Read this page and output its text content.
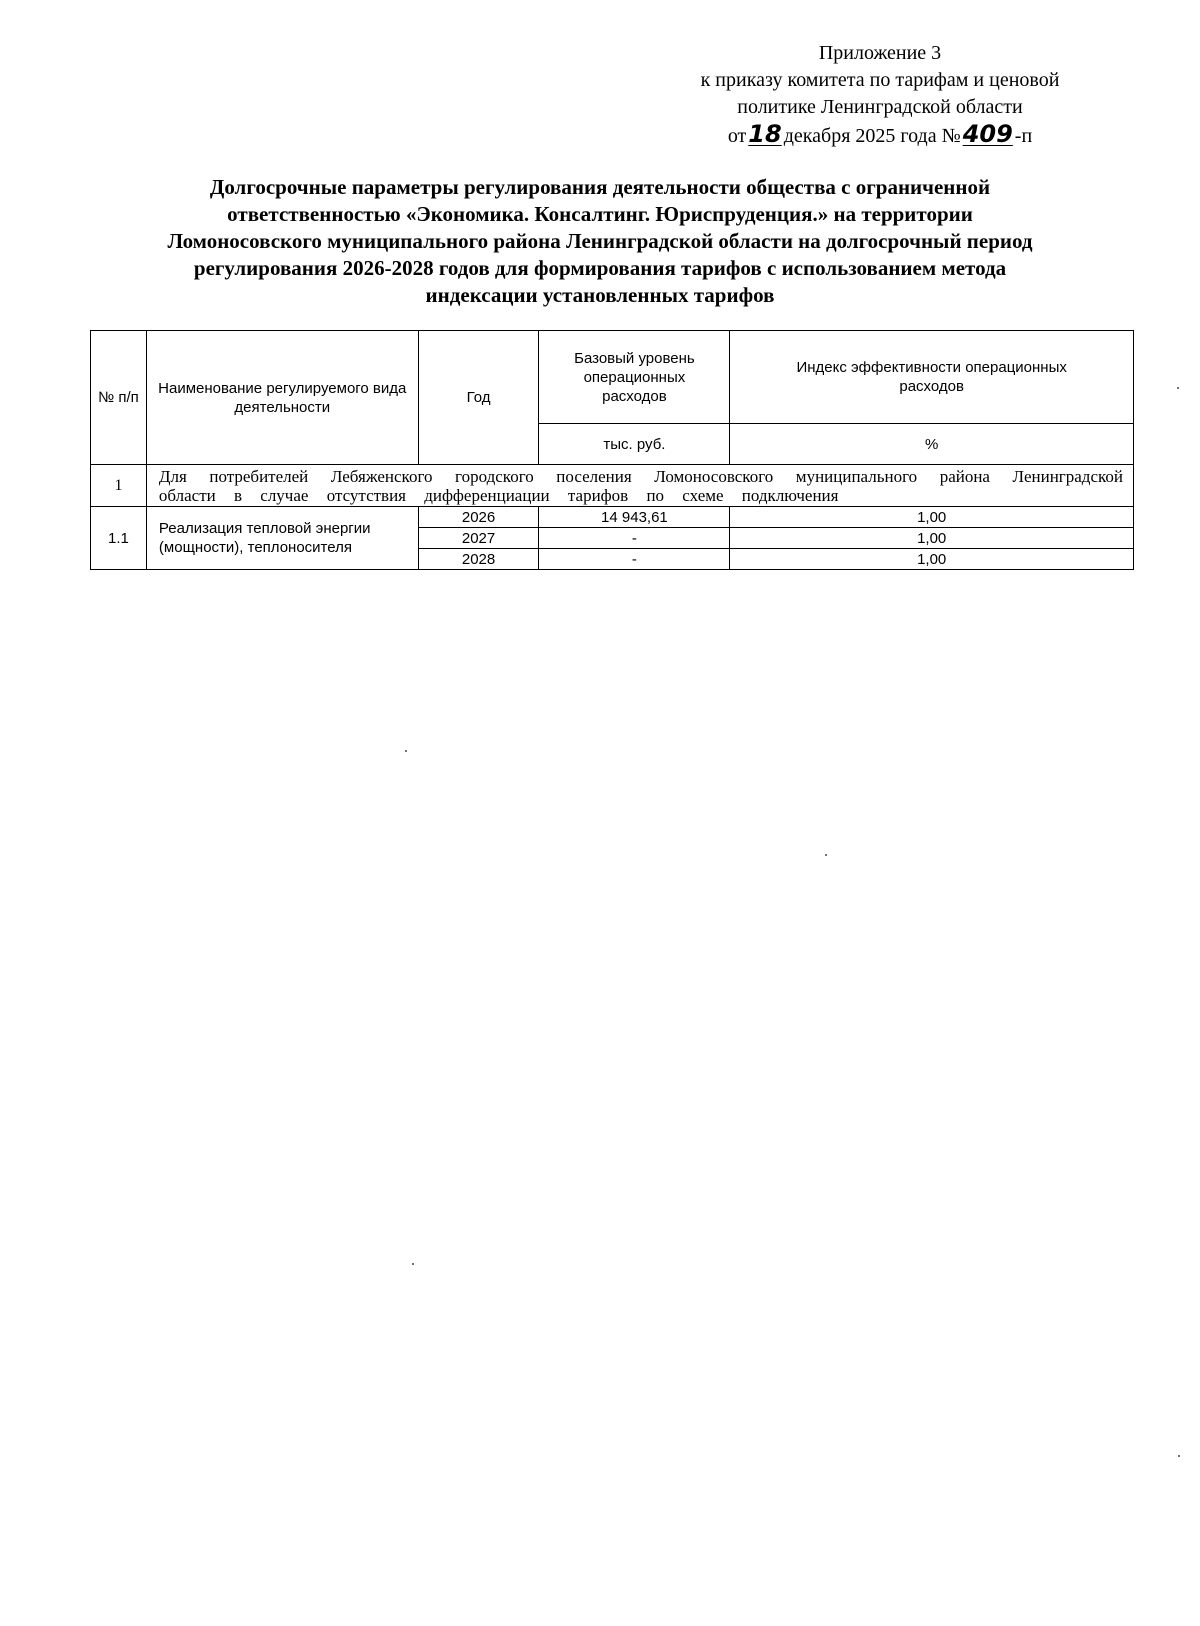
Приложение 3
к приказу комитета по тарифам и ценовой
политике Ленинградской области
от18 декабря 2025 года №409 -п
Долгосрочные параметры регулирования деятельности общества с ограниченной
ответственностью «Экономика. Консалтинг. Юриспруденция.» на территории
Ломоносовского муниципального района Ленинградской области на долгосрочный период
регулирования 2026-2028 годов для формирования тарифов с использованием метода
индексации установленных тарифов
№ п/п	Наименование регулируемого вида деятельности	Год	Базовый уровень операционных расходов	Индекс эффективности операционных расходов
			тыс. руб.	%
1	Для потребителей Лебяженского городского поселения Ломоносовского муниципального района Ленинградской области в случае отсутствия дифференциации тарифов по схеме подключения			
1.1	Реализация тепловой энергии (мощности), теплоносителя	2026	14 943,61	1,00
		2027	-	1,00
		2028	-	1,00
